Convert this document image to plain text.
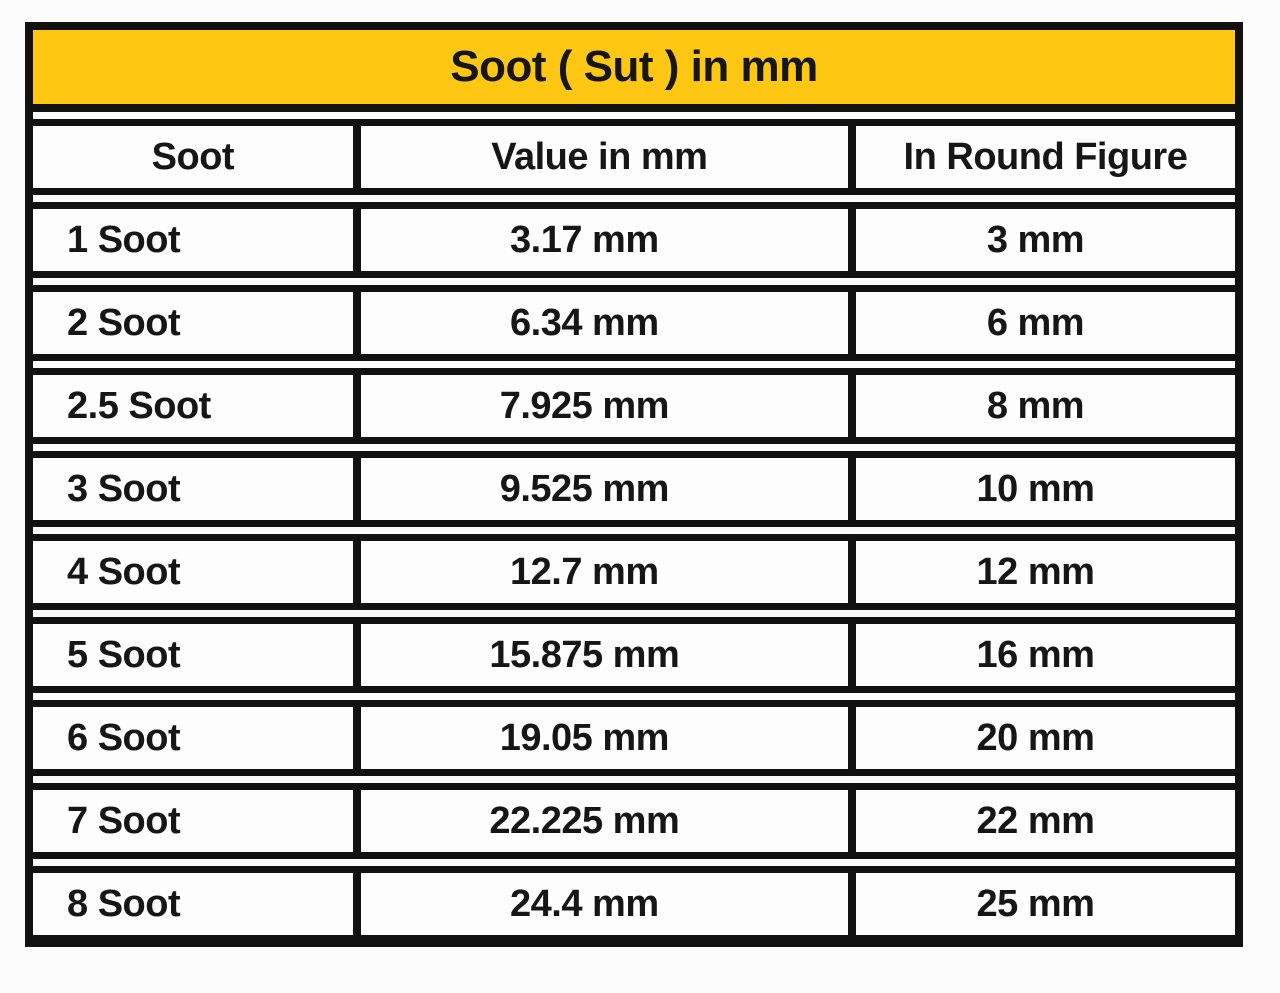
Soot ( Sut ) in mm
Soot	Value in mm	In Round Figure
1 Soot	3.17 mm	3 mm
2 Soot	6.34 mm	6 mm
2.5 Soot	7.925 mm	8 mm
3 Soot	9.525 mm	10 mm
4 Soot	12.7 mm	12 mm
5 Soot	15.875 mm	16 mm
6 Soot	19.05 mm	20 mm
7 Soot	22.225 mm	22 mm
8 Soot	24.4 mm	25 mm
